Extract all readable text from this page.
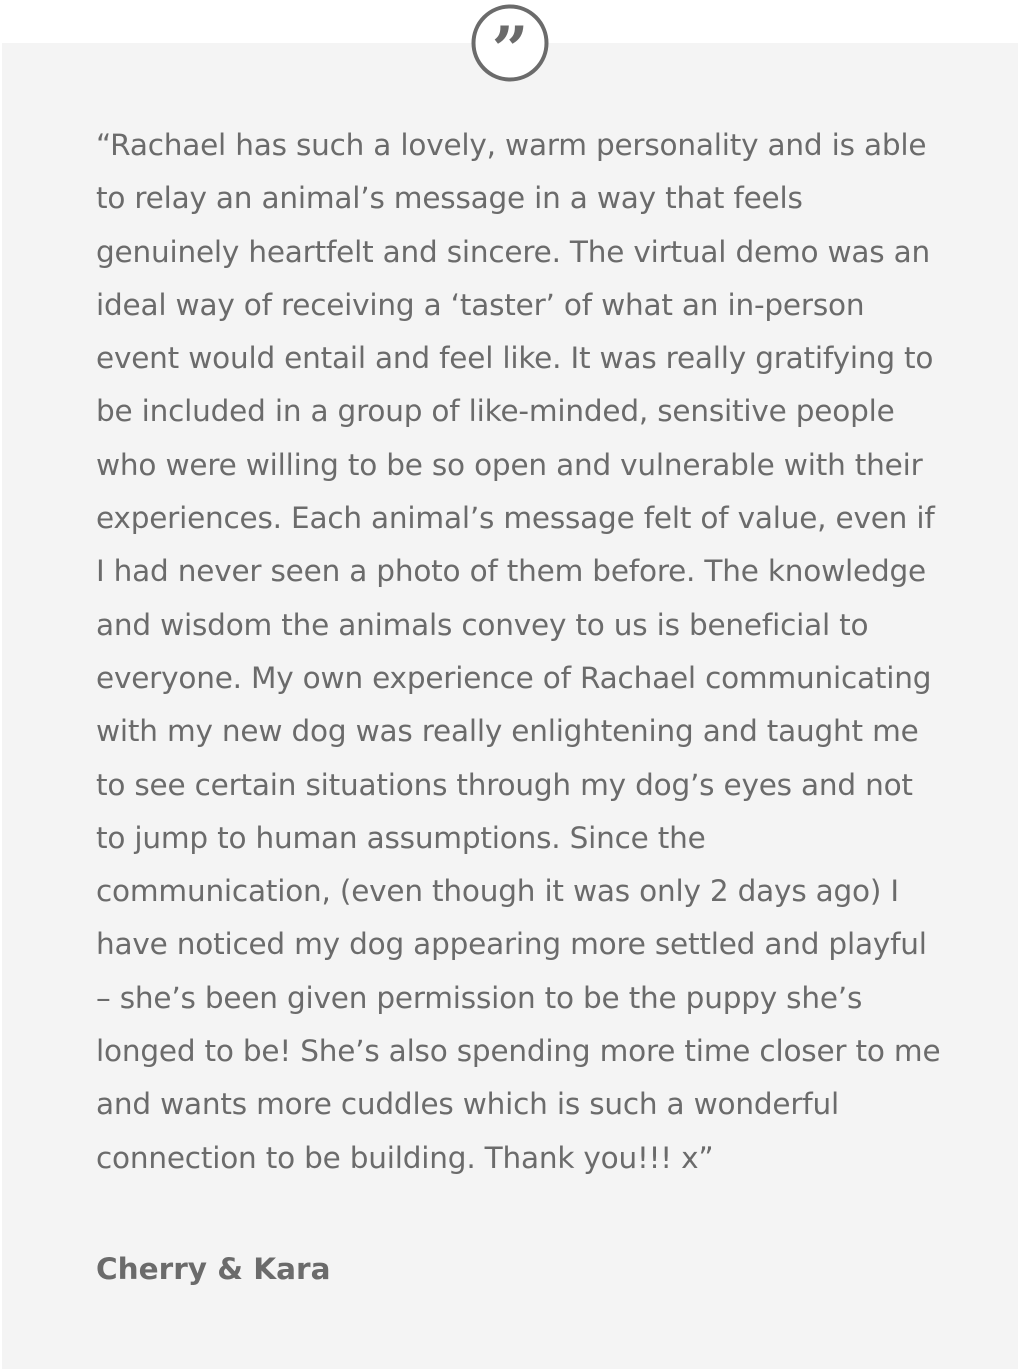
”

“Rachael has such a lovely, warm personality and is able to relay an animal’s message in a way that feels genuinely heartfelt and sincere. The virtual demo was an ideal way of receiving a ‘taster’ of what an in-person event would entail and feel like. It was really gratifying to be included in a group of like-minded, sensitive people who were willing to be so open and vulnerable with their experiences. Each animal’s message felt of value, even if I had never seen a photo of them before. The knowledge and wisdom the animals convey to us is beneficial to everyone. My own experience of Rachael communicating with my new dog was really enlightening and taught me to see certain situations through my dog’s eyes and not to jump to human assumptions. Since the communication, (even though it was only 2 days ago) I have noticed my dog appearing more settled and playful – she’s been given permission to be the puppy she’s longed to be! She’s also spending more time closer to me and wants more cuddles which is such a wonderful connection to be building. Thank you!!! x”

Cherry & Kara
